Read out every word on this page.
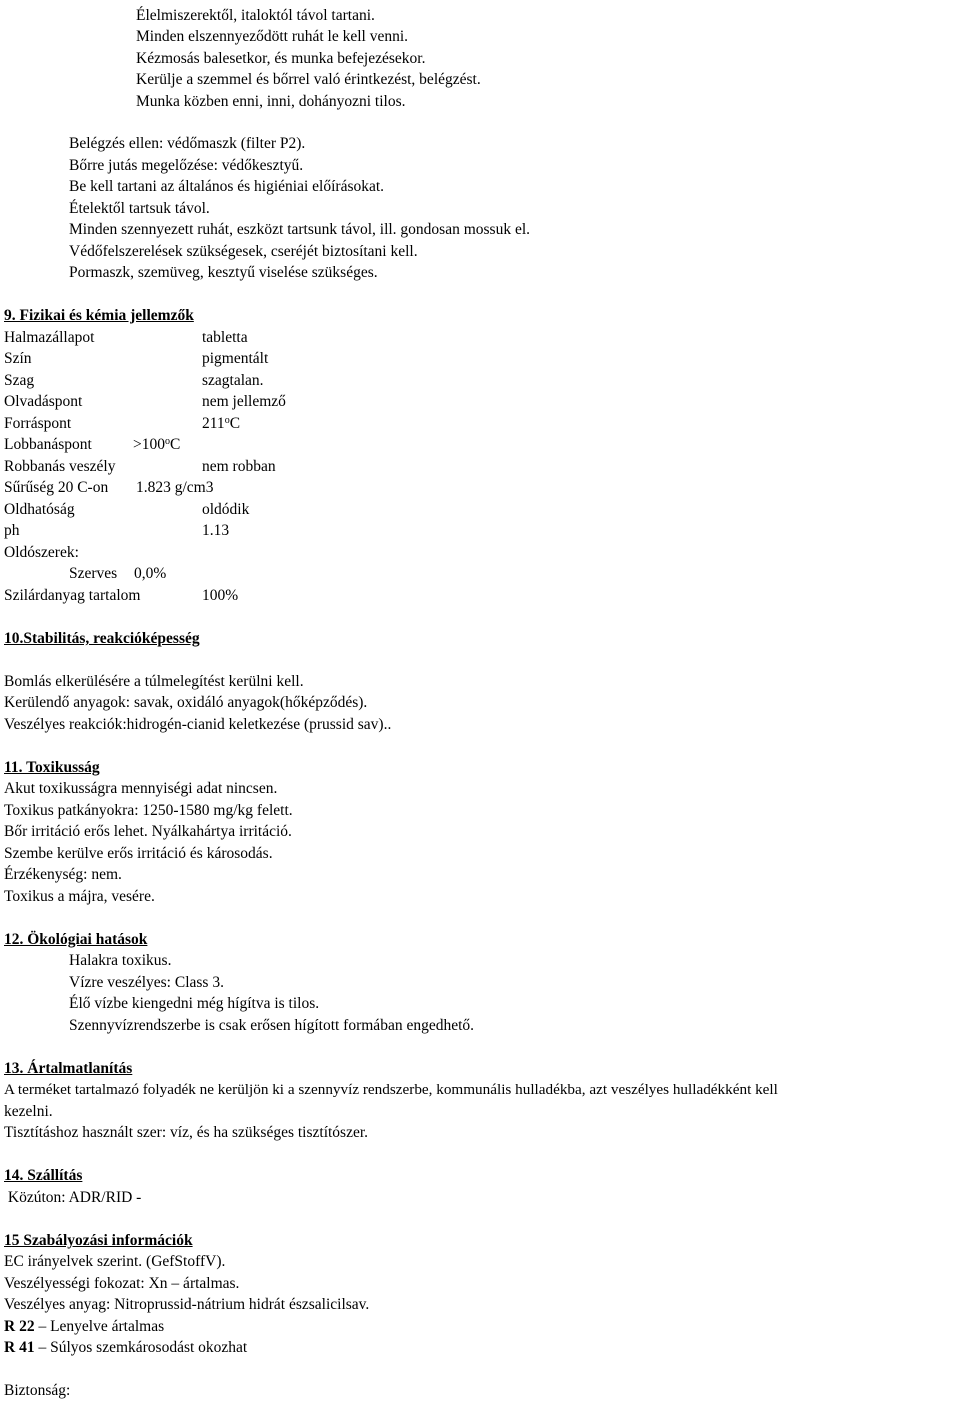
Élelmiszerektől, italoktól távol tartani.
Minden elszennyeződött ruhát le kell venni.
Kézmosás balesetkor, és munka befejezésekor.
Kerülje a szemmel és bőrrel való érintkezést, belégzést.
Munka közben enni, inni, dohányozni tilos.
Belégzés ellen: védőmaszk (filter P2).
Bőrre jutás megelőzése: védőkesztyű.
Be kell tartani az általános és higiéniai előírásokat.
Ételektől tartsuk távol.
Minden szennyezett ruhát, eszközt tartsunk távol, ill. gondosan mossuk el.
Védőfelszerelések szükségesek, cseréjét biztosítani kell.
Pormaszk, szemüveg, kesztyű viselése szükséges.
9. Fizikai és kémia jellemzők
Halmazállapot	tabletta
Szín	pigmentált
Szag	szagtalan.
Olvadáspont	nem jellemző
Forráspont	211$^o$C
Lobbanáspont	$>100^oC$
Robbanás veszély	nem robban
Sűrűség 20 C-on 1.823 g/cm3
Oldhatóság	oldódik
ph	1.13
Oldószerek:
Szerves 0,0%
Szilárdanyag tartalom	100%
10.Stabilitás, reakcióképesség
Bomlás elkerülésére a túlmelegítést kerülni kell.
Kerülendő anyagok: savak, oxidáló anyagok(hőképződés).
Veszélyes reakciók:hidrogén-cianid keletkezése (prussid sav)..
11. Toxikusság
Akut toxikusságra mennyiségi adat nincsen.
Toxikus patkányokra: 1250-1580 mg/kg felett.
Bőr irritáció erős lehet. Nyálkahártya irritáció.
Szembe kerülve erős irritáció és károsodás.
Érzékenység: nem.
Toxikus a májra, vesére.
12. Ökológiai hatások
Halakra toxikus.
Vízre veszélyes: Class 3.
Élő vízbe kiengedni még hígítva is tilos.
Szennyvízrendszerbe is csak erősen hígított formában engedhető.
13. Ártalmatlanítás
A terméket tartalmazó folyadék ne kerüljön ki a szennyvíz rendszerbe, kommunális hulladékba, azt veszélyes hulladékként kell
kezelni.
Tisztításhoz használt szer: víz, és ha szükséges tisztítószer.
14. Szállítás
Közúton: ADR/RID -
15 Szabályozási információk
EC irányelvek szerint. (GefStoffV).
Veszélyességi fokozat: Xn – ártalmas.
Veszélyes anyag: Nitroprussid-nátrium hidrát észsalicilsav.
R 22 – Lenyelve ártalmas
R 41 – Súlyos szemkárosodást okozhat
Biztonság:
